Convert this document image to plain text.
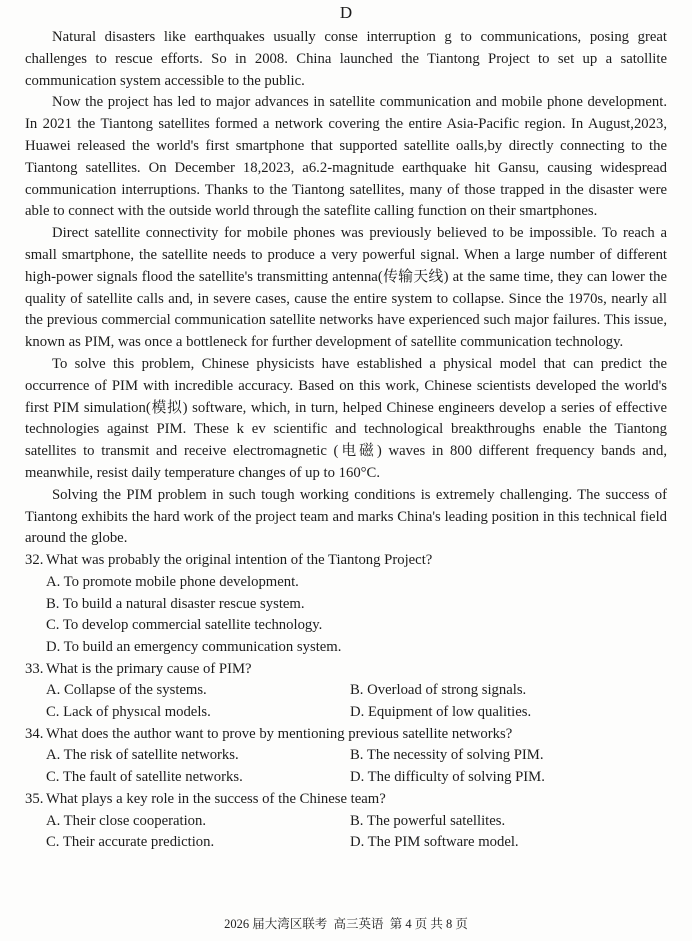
D

Natural disasters like earthquakes usually conse interruption g to communications, posing great challenges to rescue efforts. So in 2008. China launched the Tiantong Project to set up a satollite communication system accessible to the public.

Now the project has led to major advances in satellite communication and mobile phone development. In 2021 the Tiantong satellites formed a network covering the entire Asia-Pacific region. In August,2023, Huawei released the world's first smartphone that supported satellite oalls,by directly connecting to the Tiantong satellites. On December 18,2023, a6.2-magnitude earthquake hit Gansu, causing widespread communication interruptions. Thanks to the Tiantong satellites, many of those trapped in the disaster were able to connect with the outside world through the sateflite calling function on their smartphones.

Direct satellite connectivity for mobile phones was previously believed to be impossible. To reach a small smartphone, the satellite needs to produce a very powerful signal. When a large number of different high-power signals flood the satellite's transmitting antenna(传输天线) at the same time, they can lower the quality of satellite calls and, in severe cases, cause the entire system to collapse. Since the 1970s, nearly all the previous commercial communication satellite networks have experienced such major failures. This issue, known as PIM, was once a bottleneck for further development of satellite communication technology.

To solve this problem, Chinese physicists have established a physical model that can predict the occurrence of PIM with incredible accuracy. Based on this work, Chinese scientists developed the world's first PIM simulation(模拟) software, which, in turn, helped Chinese engineers develop a series of effective technologies against PIM. These k ev scientific and technological breakthroughs enable the Tiantong satellites to transmit and receive electromagnetic (电磁) waves in 800 different frequency bands and, meanwhile, resist daily temperature changes of up to 160°C.

Solving the PIM problem in such tough working conditions is extremely challenging. The success of Tiantong exhibits the hard work of the project team and marks China's leading position in this technical field around the globe.

32. What was probably the original intention of the Tiantong Project?
A. To promote mobile phone development.
B. To build a natural disaster rescue system.
C. To develop commercial satellite technology.
D. To build an emergency communication system.
33. What is the primary cause of PIM?
A. Collapse of the systems.	B. Overload of strong signals.
C. Lack of physıcal models.	D. Equipment of low qualities.
34. What does the author want to prove by mentioning previous satellite networks?
A. The risk of satellite networks.	B. The necessity of solving PIM.
C. The fault of satellite networks.	D. The difficulty of solving PIM.
35. What plays a key role in the success of the Chinese team?
A. Their close cooperation.	B. The powerful satellites.
C. Their accurate prediction.	D. The PIM software model.
2026 届大湾区联考  高三英语  第 4 页 共 8 页
